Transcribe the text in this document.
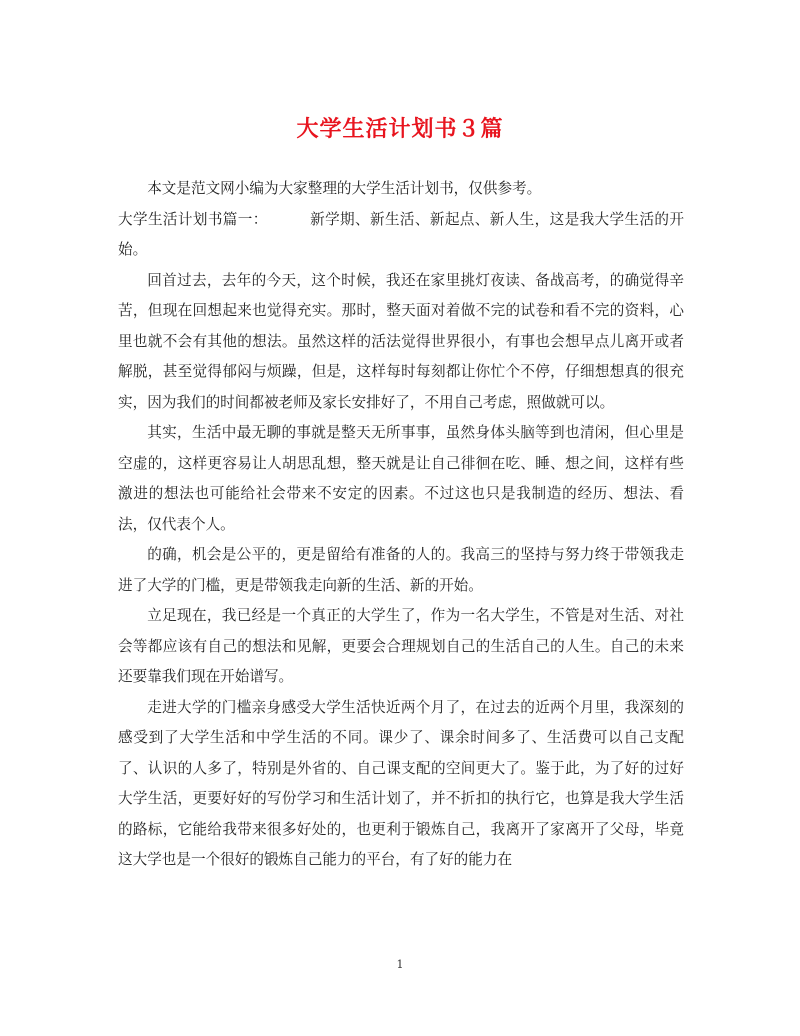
大学生活计划书３篇

本文是范文网小编为大家整理的大学生活计划书，仅供参考。

大学生活计划书篇一：	新学期、新生活、新起点、新人生，这是我大学生活的开始。

回首过去，去年的今天，这个时候，我还在家里挑灯夜读、备战高考，的确觉得辛苦，但现在回想起来也觉得充实。那时，整天面对着做不完的试卷和看不完的资料，心里也就不会有其他的想法。虽然这样的活法觉得世界很小，有事也会想早点儿离开或者解脱，甚至觉得郁闷与烦躁，但是，这样每时每刻都让你忙个不停，仔细想想真的很充实，因为我们的时间都被老师及家长安排好了，不用自己考虑，照做就可以。

其实，生活中最无聊的事就是整天无所事事，虽然身体头脑等到也清闲，但心里是空虚的，这样更容易让人胡思乱想，整天就是让自己徘徊在吃、睡、想之间，这样有些激进的想法也可能给社会带来不安定的因素。不过这也只是我制造的经历、想法、看法，仅代表个人。

的确，机会是公平的，更是留给有准备的人的。我高三的坚持与努力终于带领我走进了大学的门槛，更是带领我走向新的生活、新的开始。

立足现在，我已经是一个真正的大学生了，作为一名大学生，不管是对生活、对社会等都应该有自己的想法和见解，更要会合理规划自己的生活自己的人生。自己的未来还要靠我们现在开始谱写。

走进大学的门槛亲身感受大学生活快近两个月了，在过去的近两个月里，我深刻的感受到了大学生活和中学生活的不同。课少了、课余时间多了、生活费可以自己支配了、认识的人多了，特别是外省的、自己课支配的空间更大了。鉴于此，为了好的过好大学生活，更要好好的写份学习和生活计划了，并不折扣的执行它，也算是我大学生活的路标，它能给我带来很多好处的，也更利于锻炼自己，我离开了家离开了父母，毕竟这大学也是一个很好的锻炼自己能力的平台，有了好的能力在

1
